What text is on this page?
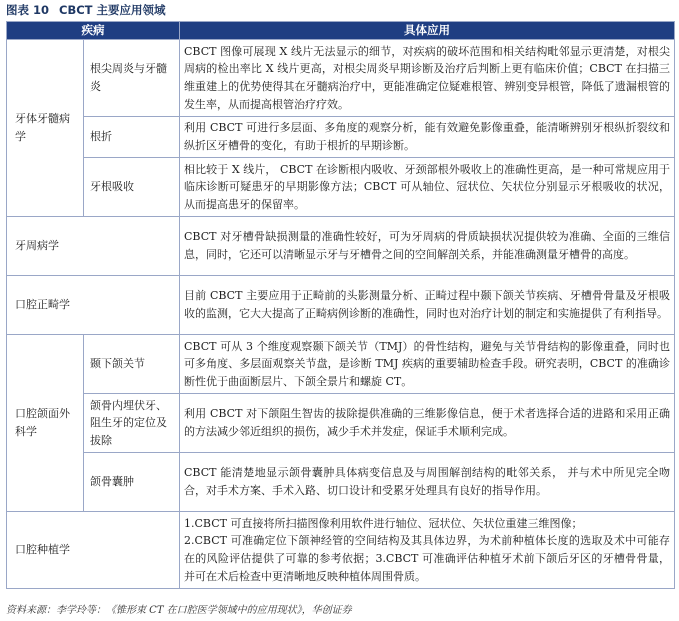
图表 10 CBCT 主要应用领域
疾病		具体应用
牙体牙髓病学	根尖周炎与牙髓炎	CBCT 图像可展现 X 线片无法显示的细节，对疾病的破坏范围和相关结构毗邻显示更清楚，对根尖周病的检出率比 X 线片更高，对根尖周炎早期诊断及治疗后判断上更有临床价值；CBCT 在扫描三维重建上的优势使得其在牙髓病治疗中，更能准确定位疑难根管、辨别变异根管，降低了遗漏根管的发生率，从而提高根管治疗疗效。
	根折	利用 CBCT 可进行多层面、多角度的观察分析，能有效避免影像重叠，能清晰辨别牙根纵折裂纹和纵折区牙槽骨的变化，有助于根折的早期诊断。
	牙根吸收	相比较于 X 线片， CBCT 在诊断根内吸收、牙颈部根外吸收上的准确性更高，是一种可常规应用于临床诊断可疑患牙的早期影像方法；CBCT 可从轴位、冠状位、矢状位分别显示牙根吸收的状况，从而提高患牙的保留率。
牙周病学		CBCT 对牙槽骨缺损测量的准确性较好，可为牙周病的骨质缺损状况提供较为准确、全面的三维信息，同时，它还可以清晰显示牙与牙槽骨之间的空间解剖关系，并能准确测量牙槽骨的高度。
口腔正畸学		目前 CBCT 主要应用于正畸前的头影测量分析、正畸过程中颞下颌关节疾病、牙槽骨骨量及牙根吸收的监测，它大大提高了正畸病例诊断的准确性，同时也对治疗计划的制定和实施提供了有利指导。
口腔颌面外科学	颞下颌关节	CBCT 可从 3 个维度观察颞下颌关节（TMJ）的骨性结构，避免与关节骨结构的影像重叠，同时也可多角度、多层面观察关节盘，是诊断 TMJ 疾病的重要辅助检查手段。研究表明，CBCT 的准确诊断性优于曲面断层片、下颌全景片和螺旋 CT。
	颌骨内埋伏牙、阻生牙的定位及拔除	利用 CBCT 对下颌阻生智齿的拔除提供准确的三维影像信息，便于术者选择合适的进路和采用正确的方法减少邻近组织的损伤，减少手术并发症，保证手术顺利完成。
	颌骨囊肿	CBCT 能清楚地显示颌骨囊肿具体病变信息及与周围解剖结构的毗邻关系， 并与术中所见完全吻合，对手术方案、手术入路、切口设计和受累牙处理具有良好的指导作用。
口腔种植学		1.CBCT 可直接将所扫描图像利用软件进行轴位、冠状位、矢状位重建三维图像；
2.CBCT 可准确定位下颌神经管的空间结构及其具体边界，为术前种植体长度的选取及术中可能存在的风险评估提供了可靠的参考依据；3.CBCT 可准确评估种植牙术前下颌后牙区的牙槽骨骨量，并可在术后检查中更清晰地反映种植体周围骨质。
资料来源：李学玲等：《锥形束 CT 在口腔医学领域中的应用现状》，华创证券
